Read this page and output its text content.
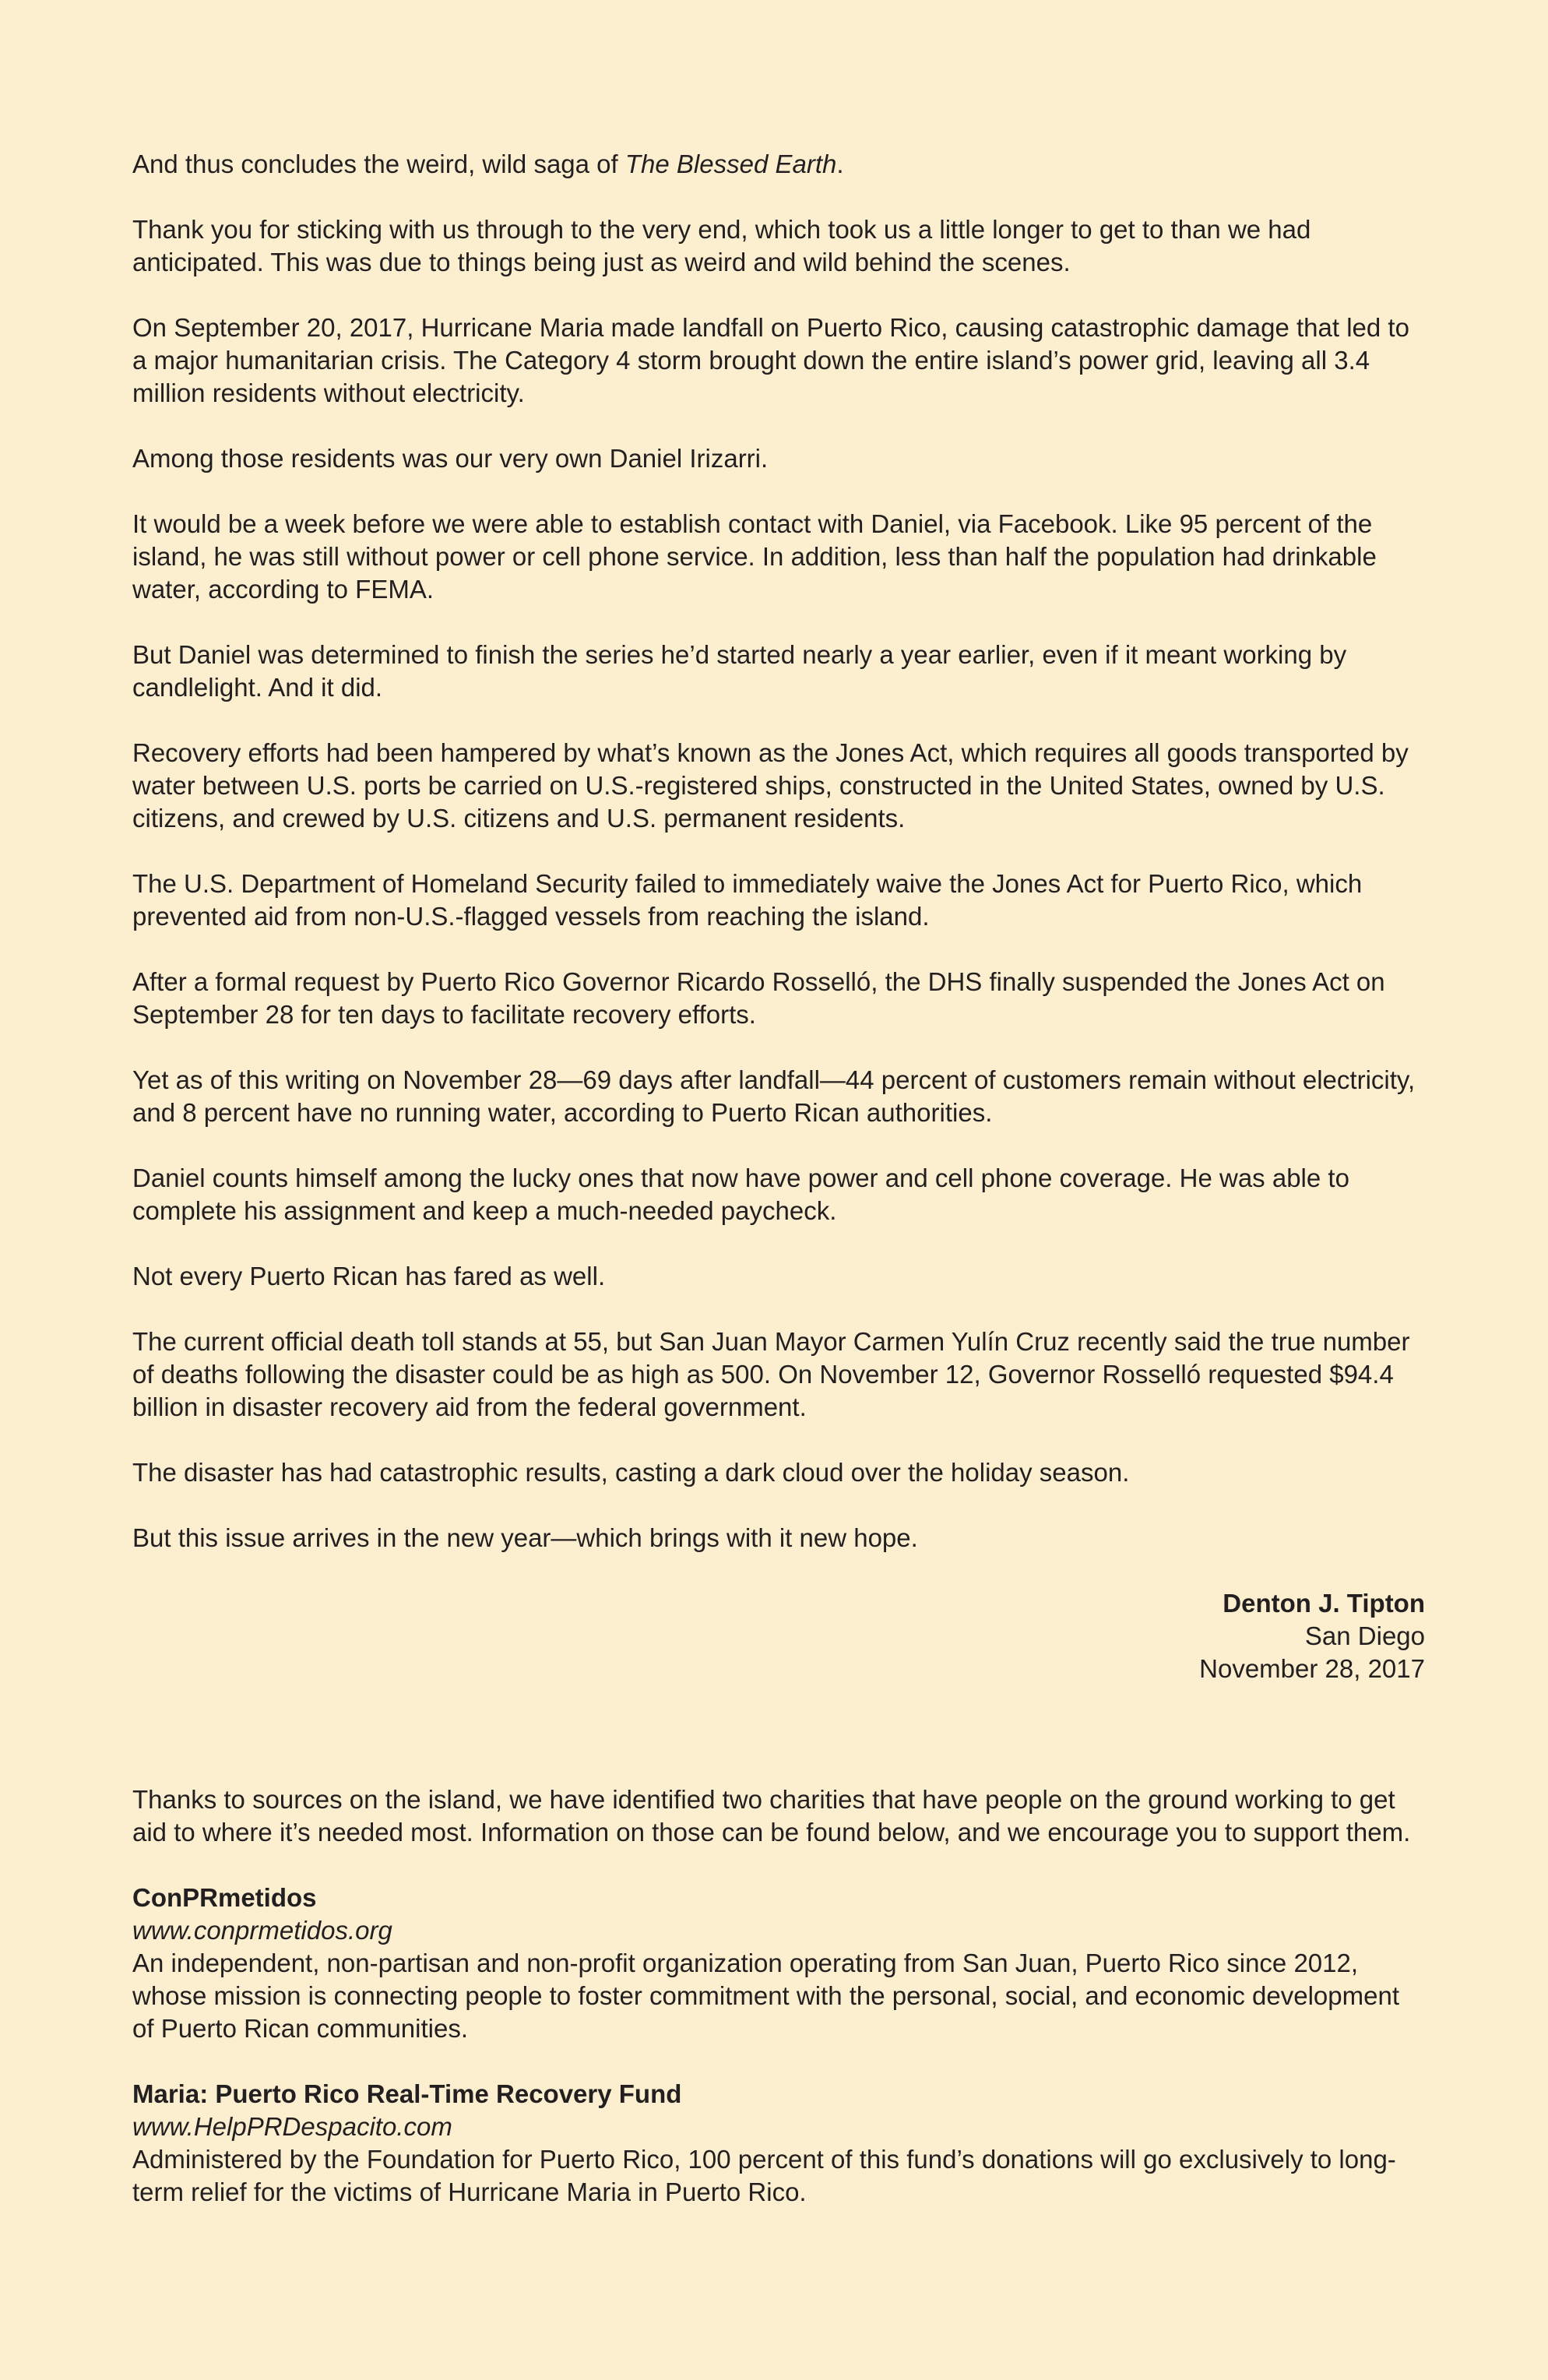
And thus concludes the weird, wild saga of The Blessed Earth.

Thank you for sticking with us through to the very end, which took us a little longer to get to than we had anticipated. This was due to things being just as weird and wild behind the scenes.

On September 20, 2017, Hurricane Maria made landfall on Puerto Rico, causing catastrophic damage that led to a major humanitarian crisis. The Category 4 storm brought down the entire island’s power grid, leaving all 3.4 million residents without electricity.

Among those residents was our very own Daniel Irizarri.

It would be a week before we were able to establish contact with Daniel, via Facebook. Like 95 percent of the island, he was still without power or cell phone service. In addition, less than half the population had drinkable water, according to FEMA.

But Daniel was determined to finish the series he’d started nearly a year earlier, even if it meant working by candlelight. And it did.

Recovery efforts had been hampered by what’s known as the Jones Act, which requires all goods transported by water between U.S. ports be carried on U.S.-registered ships, constructed in the United States, owned by U.S. citizens, and crewed by U.S. citizens and U.S. permanent residents.

The U.S. Department of Homeland Security failed to immediately waive the Jones Act for Puerto Rico, which prevented aid from non-U.S.-flagged vessels from reaching the island.

After a formal request by Puerto Rico Governor Ricardo Rosselló, the DHS finally suspended the Jones Act on September 28 for ten days to facilitate recovery efforts.

Yet as of this writing on November 28—69 days after landfall—44 percent of customers remain without electricity, and 8 percent have no running water, according to Puerto Rican authorities.

Daniel counts himself among the lucky ones that now have power and cell phone coverage. He was able to complete his assignment and keep a much-needed paycheck.

Not every Puerto Rican has fared as well.

The current official death toll stands at 55, but San Juan Mayor Carmen Yulín Cruz recently said the true number of deaths following the disaster could be as high as 500. On November 12, Governor Rosselló requested $94.4 billion in disaster recovery aid from the federal government.

The disaster has had catastrophic results, casting a dark cloud over the holiday season.

But this issue arrives in the new year—which brings with it new hope.

Denton J. Tipton
San Diego
November 28, 2017

Thanks to sources on the island, we have identified two charities that have people on the ground working to get aid to where it’s needed most. Information on those can be found below, and we encourage you to support them.

ConPRmetidos
www.conprmetidos.org
An independent, non-partisan and non-profit organization operating from San Juan, Puerto Rico since 2012, whose mission is connecting people to foster commitment with the personal, social, and economic development of Puerto Rican communities.
Maria: Puerto Rico Real-Time Recovery Fund
www.HelpPRDespacito.com
Administered by the Foundation for Puerto Rico, 100 percent of this fund’s donations will go exclusively to long-term relief for the victims of Hurricane Maria in Puerto Rico.
